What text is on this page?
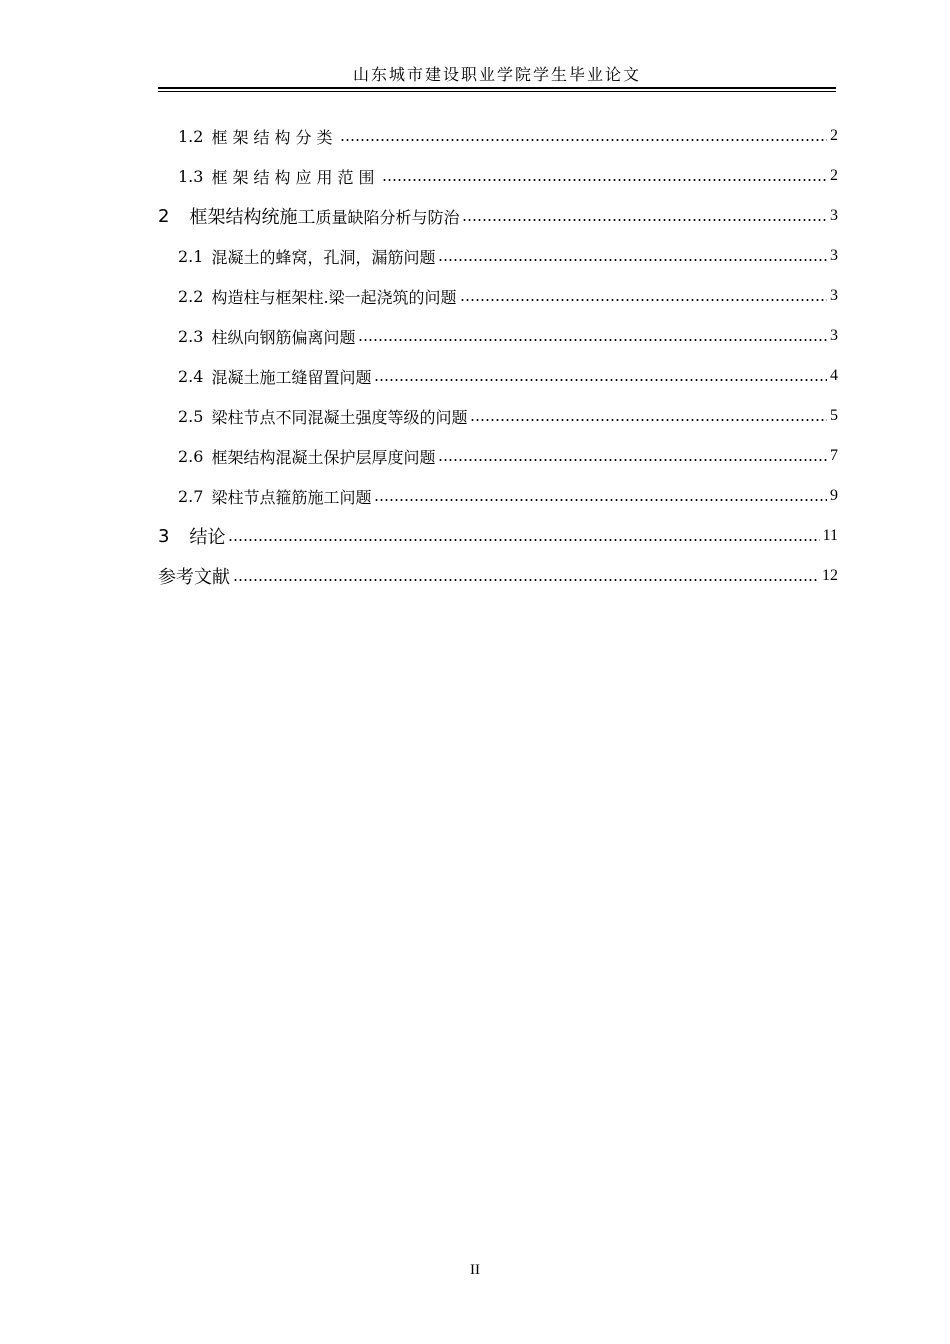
山东城市建设职业学院学生毕业论文
1.2 框架结构分类	2
1.3 框架结构应用范围	2
2 框架结构统施工 质量缺陷分析与防治	3
2.1 混凝土的蜂窝，孔洞，漏筋问题	3
2.2 构造柱与框架柱.梁一起浇筑的问题	3
2.3 柱纵向钢筋偏离问题	3
2.4 混凝土施工缝留置问题	4
2.5 梁柱节点不同混凝土强度等级的问题	5
2.6 框架结构混凝土保护层厚度问题	7
2.7 梁柱节点箍筋施工问题	9
3 结论	11
参考文献	12
II
